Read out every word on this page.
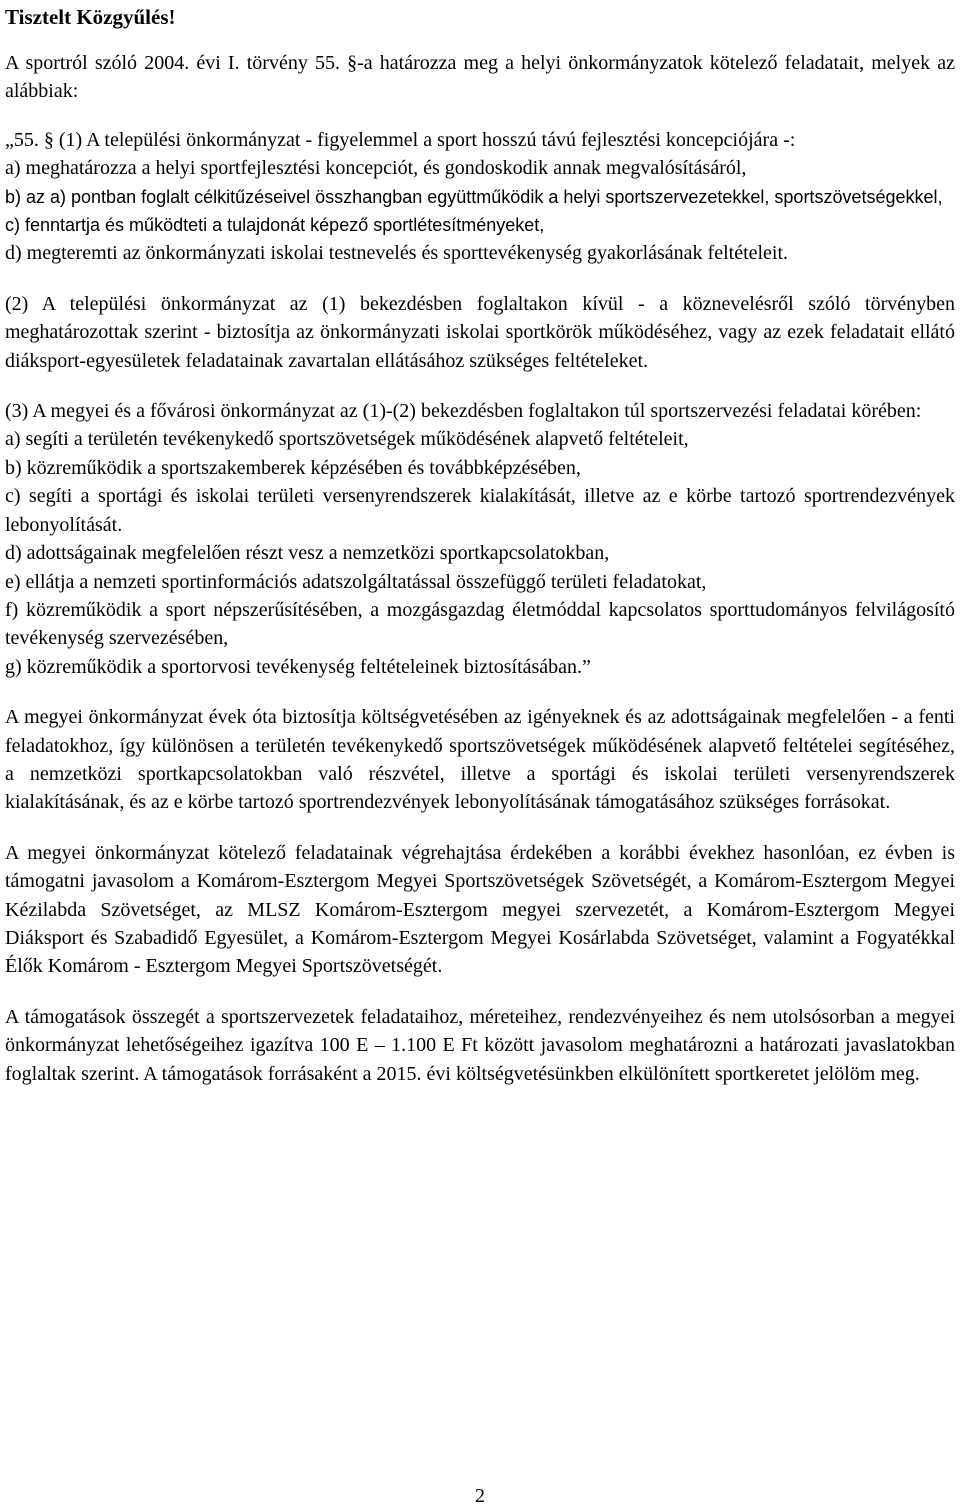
Tisztelt Közgyűlés!

A sportról szóló 2004. évi I. törvény 55. §-a határozza meg a helyi önkormányzatok kötelező feladatait, melyek az alábbiak:

„55. § (1) A települési önkormányzat - figyelemmel a sport hosszú távú fejlesztési koncepciójára -:

a) meghatározza a helyi sportfejlesztési koncepciót, és gondoskodik annak megvalósításáról,

b) az a) pontban foglalt célkitűzéseivel összhangban együttműködik a helyi sportszervezetekkel, sportszövetségekkel,

c) fenntartja és működteti a tulajdonát képező sportlétesítményeket,

d) megteremti az önkormányzati iskolai testnevelés és sporttevékenység gyakorlásának feltételeit.

(2) A települési önkormányzat az (1) bekezdésben foglaltakon kívül - a köznevelésről szóló törvényben meghatározottak szerint - biztosítja az önkormányzati iskolai sportkörök működéséhez, vagy az ezek feladatait ellátó diáksport-egyesületek feladatainak zavartalan ellátásához szükséges feltételeket.

(3) A megyei és a fővárosi önkormányzat az (1)-(2) bekezdésben foglaltakon túl sportszervezési feladatai körében:

a) segíti a területén tevékenykedő sportszövetségek működésének alapvető feltételeit,

b) közreműködik a sportszakemberek képzésében és továbbképzésében,

c) segíti a sportági és iskolai területi versenyrendszerek kialakítását, illetve az e körbe tartozó sportrendezvények lebonyolítását.

d) adottságainak megfelelően részt vesz a nemzetközi sportkapcsolatokban,

e) ellátja a nemzeti sportinformációs adatszolgáltatással összefüggő területi feladatokat,

f) közreműködik a sport népszerűsítésében, a mozgásgazdag életmóddal kapcsolatos sporttudományos felvilágosító tevékenység szervezésében,

g) közreműködik a sportorvosi tevékenység feltételeinek biztosításában.”

A megyei önkormányzat évek óta biztosítja költségvetésében az igényeknek és az adottságainak megfelelően - a fenti feladatokhoz, így különösen a területén tevékenykedő sportszövetségek működésének alapvető feltételei segítéséhez, a nemzetközi sportkapcsolatokban való részvétel, illetve a sportági és iskolai területi versenyrendszerek kialakításának, és az e körbe tartozó sportrendezvények lebonyolításának támogatásához szükséges forrásokat.

A megyei önkormányzat kötelező feladatainak végrehajtása érdekében a korábbi évekhez hasonlóan, ez évben is támogatni javasolom a Komárom-Esztergom Megyei Sportszövetségek Szövetségét, a Komárom-Esztergom Megyei Kézilabda Szövetséget, az MLSZ Komárom-Esztergom megyei szervezetét, a Komárom-Esztergom Megyei Diáksport és Szabadidő Egyesület, a Komárom-Esztergom Megyei Kosárlabda Szövetséget, valamint a Fogyatékkal Élők Komárom - Esztergom Megyei Sportszövetségét.

A támogatások összegét a sportszervezetek feladataihoz, méreteihez, rendezvényeihez és nem utolsósorban a megyei önkormányzat lehetőségeihez igazítva 100 E – 1.100 E Ft között javasolom meghatározni a határozati javaslatokban foglaltak szerint. A támogatások forrásaként a 2015. évi költségvetésünkben elkülönített sportkeretet jelölöm meg.

2
